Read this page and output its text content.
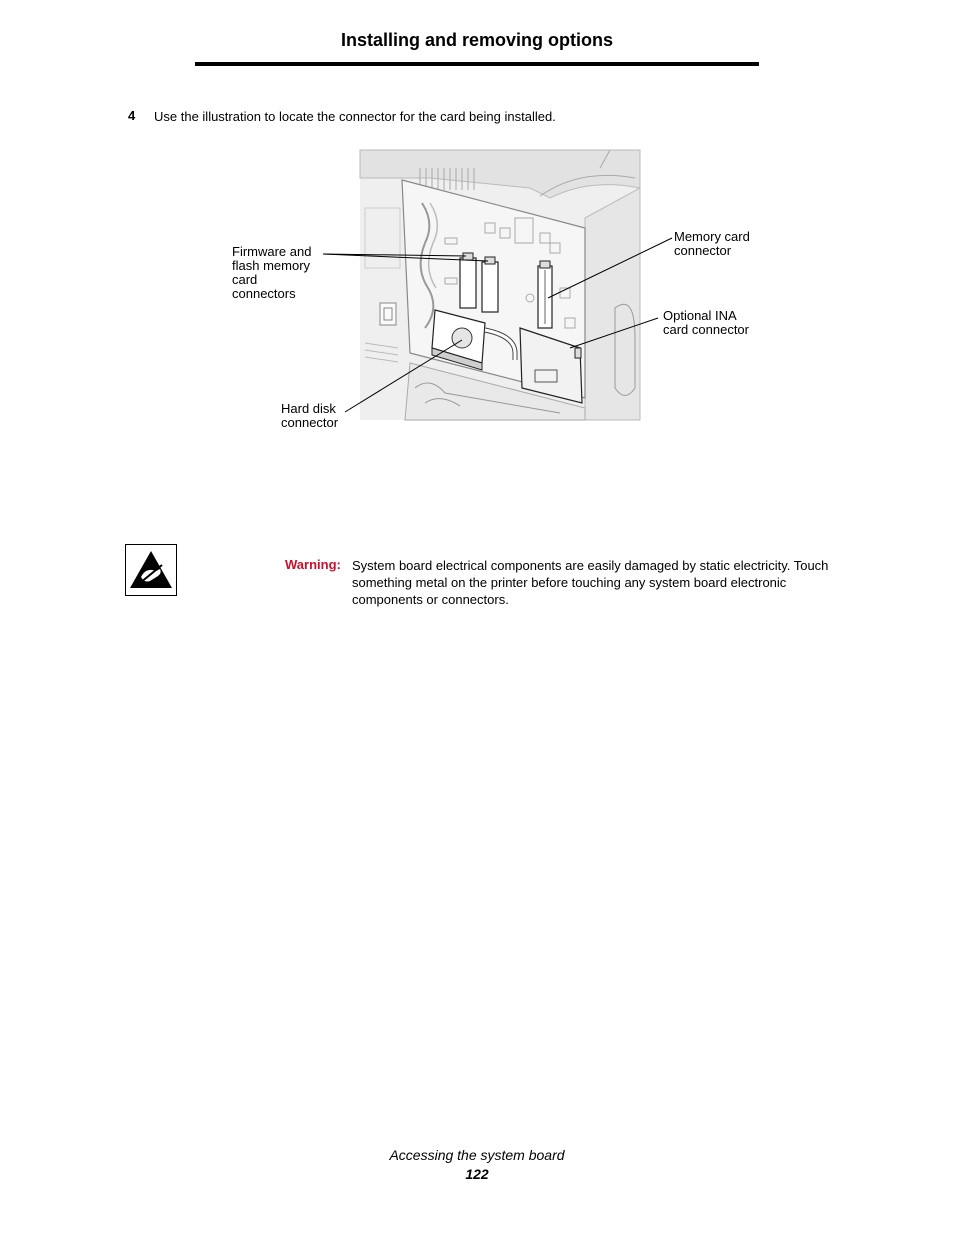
Installing and removing options
4 Use the illustration to locate the connector for the card being installed.
Firmware and
flash memory
card
connectors
Memory card
connector
Optional INA
card connector
Hard disk
connector
Warning: System board electrical components are easily damaged by static electricity. Touch something metal on the printer before touching any system board electronic components or connectors.
Accessing the system board
122
